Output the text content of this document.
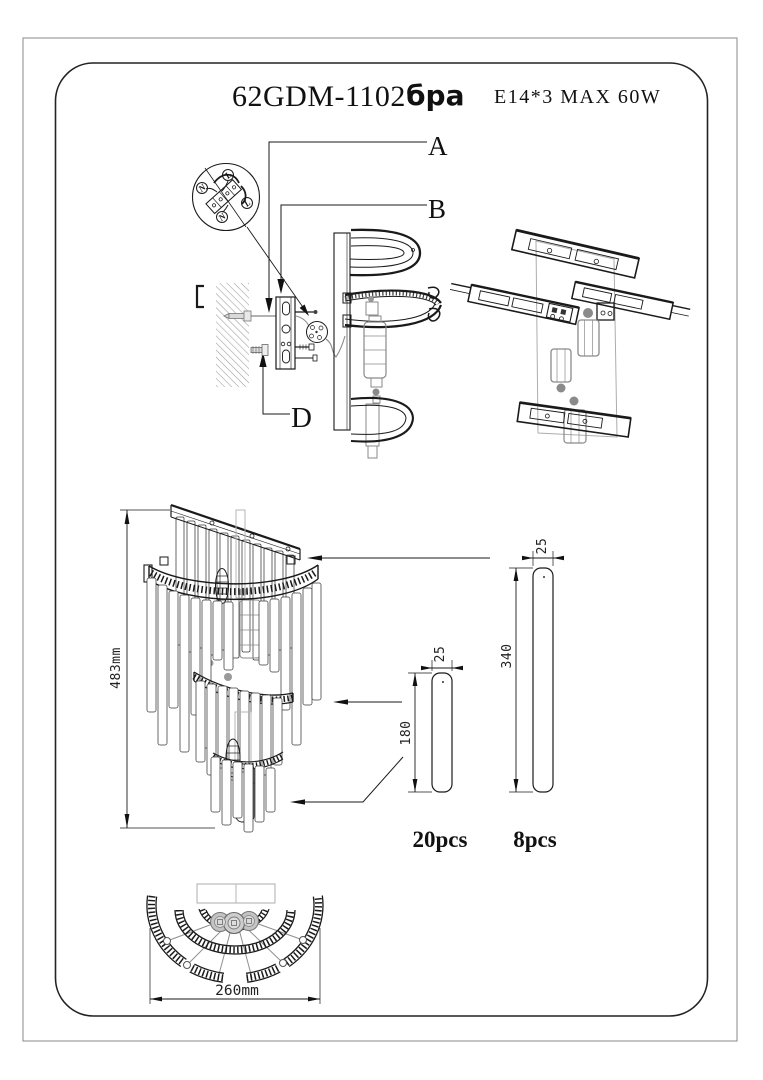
62GDM-1102 бра E14*3 MAX 60W
A
B
D
N
L
L
N
483mm
180
25
20pcs
340
25
8pcs
260mm
